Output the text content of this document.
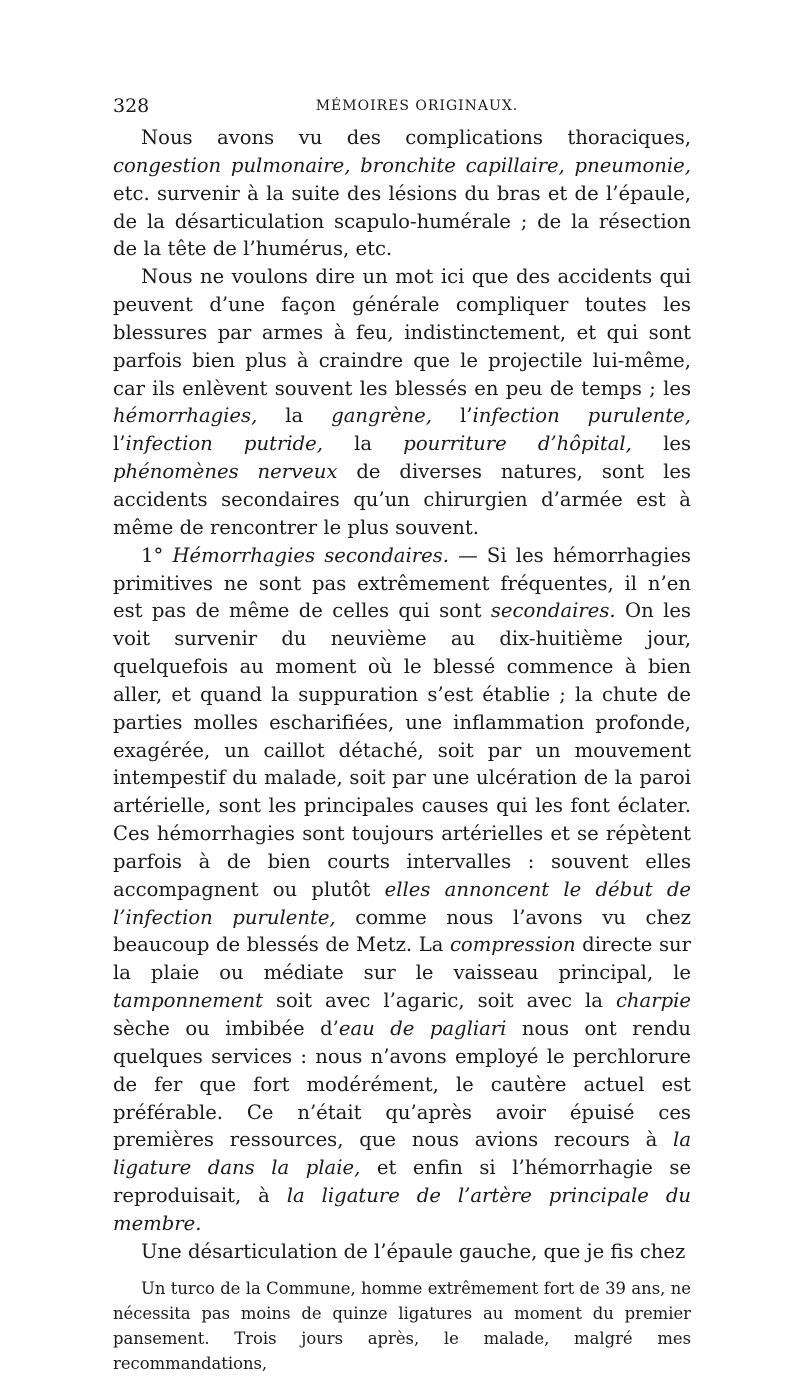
328	MÉMOIRES ORIGINAUX.

Nous avons vu des complications thoraciques, congestion pulmonaire, bronchite capillaire, pneumonie, etc. survenir à la suite des lésions du bras et de l’épaule, de la désarticulation scapulo-humérale ; de la résection de la tête de l’humérus, etc.

Nous ne voulons dire un mot ici que des accidents qui peuvent d’une façon générale compliquer toutes les blessures par armes à feu, indistinctement, et qui sont parfois bien plus à craindre que le projectile lui-même, car ils enlèvent souvent les blessés en peu de temps ; les hémorrhagies, la gangrène, l’infection purulente, l’infection putride, la pourriture d’hôpital, les phénomènes nerveux de diverses natures, sont les accidents secondaires qu’un chirurgien d’armée est à même de rencontrer le plus souvent.

1° Hémorrhagies secondaires. — Si les hémorrhagies primitives ne sont pas extrêmement fréquentes, il n’en est pas de même de celles qui sont secondaires. On les voit survenir du neuvième au dix-huitième jour, quelquefois au moment où le blessé commence à bien aller, et quand la suppuration s’est établie ; la chute de parties molles escharifiées, une inflammation profonde, exagérée, un caillot détaché, soit par un mouvement intempestif du malade, soit par une ulcération de la paroi artérielle, sont les principales causes qui les font éclater. Ces hémorrhagies sont toujours artérielles et se répètent parfois à de bien courts intervalles : souvent elles accompagnent ou plutôt elles annoncent le début de l’infection purulente, comme nous l’avons vu chez beaucoup de blessés de Metz. La compression directe sur la plaie ou médiate sur le vaisseau principal, le tamponnement soit avec l’agaric, soit avec la charpie sèche ou imbibée d’eau de pagliari nous ont rendu quelques services : nous n’avons employé le perchlorure de fer que fort modérément, le cautère actuel est préférable. Ce n’était qu’après avoir épuisé ces premières ressources, que nous avions recours à la ligature dans la plaie, et enfin si l’hémorrhagie se reproduisait, à la ligature de l’artère principale du membre.

Une désarticulation de l’épaule gauche, que je fis chez

Un turco de la Commune, homme extrêmement fort de 39 ans, ne nécessita pas moins de quinze ligatures au moment du premier pansement. Trois jours après, le malade, malgré mes recommandations,
